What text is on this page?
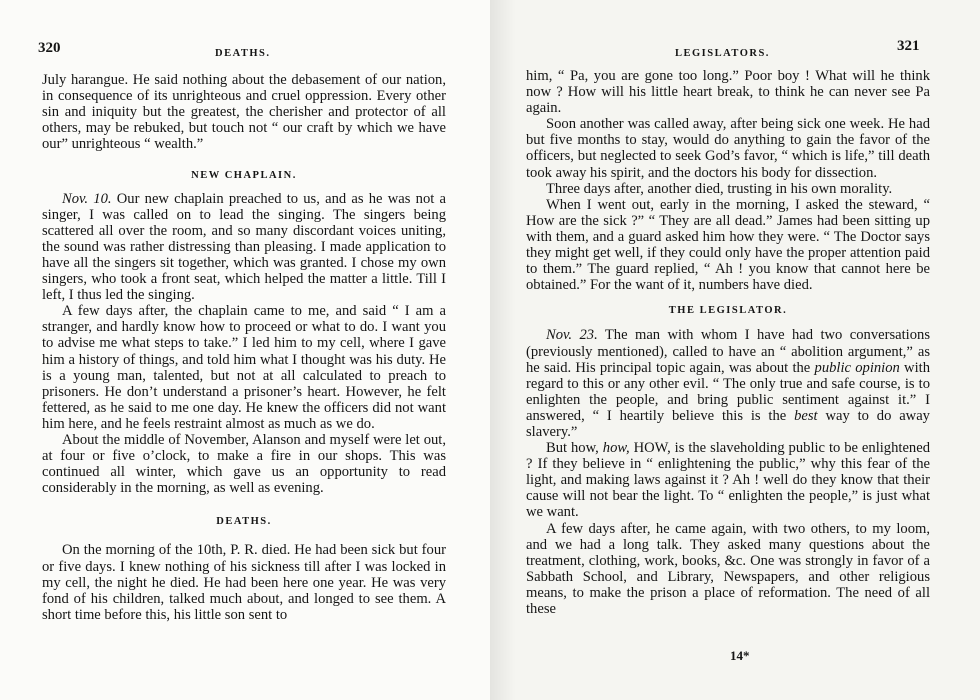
320	DEATHS.

July harangue. He said nothing about the debasement of our nation, in consequence of its unrighteous and cruel oppression. Every other sin and iniquity but the greatest, the cherisher and protector of all others, may be rebuked, but touch not “ our craft by which we have our” unrighteous “ wealth.”

NEW CHAPLAIN.

Nov. 10. Our new chaplain preached to us, and as he was not a singer, I was called on to lead the singing. The singers being scattered all over the room, and so many discordant voices uniting, the sound was rather distressing than pleasing. I made application to have all the singers sit together, which was granted. I chose my own singers, who took a front seat, which helped the matter a little. Till I left, I thus led the singing.

A few days after, the chaplain came to me, and said “ I am a stranger, and hardly know how to proceed or what to do. I want you to advise me what steps to take.” I led him to my cell, where I gave him a history of things, and told him what I thought was his duty. He is a young man, talented, but not at all calculated to preach to prisoners. He don’t understand a prisoner’s heart. However, he felt fettered, as he said to me one day. He knew the officers did not want him here, and he feels restraint almost as much as we do.

About the middle of November, Alanson and myself were let out, at four or five o’clock, to make a fire in our shops. This was continued all winter, which gave us an opportunity to read considerably in the morning, as well as evening.

DEATHS.

On the morning of the 10th, P. R. died. He had been sick but four or five days. I knew nothing of his sickness till after I was locked in my cell, the night he died. He had been here one year. He was very fond of his children, talked much about, and longed to see them. A short time before this, his little son sent to

LEGISLATORS.	321

him, “ Pa, you are gone too long.” Poor boy ! What will he think now ? How will his little heart break, to think he can never see Pa again.

Soon another was called away, after being sick one week. He had but five months to stay, would do anything to gain the favor of the officers, but neglected to seek God’s favor, “ which is life,” till death took away his spirit, and the doctors his body for dissection.

Three days after, another died, trusting in his own morality.

When I went out, early in the morning, I asked the steward, “ How are the sick ?” “ They are all dead.” James had been sitting up with them, and a guard asked him how they were. “ The Doctor says they might get well, if they could only have the proper attention paid to them.” The guard replied, “ Ah ! you know that cannot here be obtained.” For the want of it, numbers have died.

THE LEGISLATOR.

Nov. 23. The man with whom I have had two conversations (previously mentioned), called to have an “ abolition argument,” as he said. His principal topic again, was about the public opinion with regard to this or any other evil. “ The only true and safe course, is to enlighten the people, and bring public sentiment against it.” I answered, “ I heartily believe this is the best way to do away slavery.”

But how, how, HOW, is the slaveholding public to be enlightened ? If they believe in “ enlightening the public,” why this fear of the light, and making laws against it ? Ah ! well do they know that their cause will not bear the light. To “ enlighten the people,” is just what we want.

A few days after, he came again, with two others, to my loom, and we had a long talk. They asked many questions about the treatment, clothing, work, books, &c. One was strongly in favor of a Sabbath School, and Library, Newspapers, and other religious means, to make the prison a place of reformation. The need of all these

14*
